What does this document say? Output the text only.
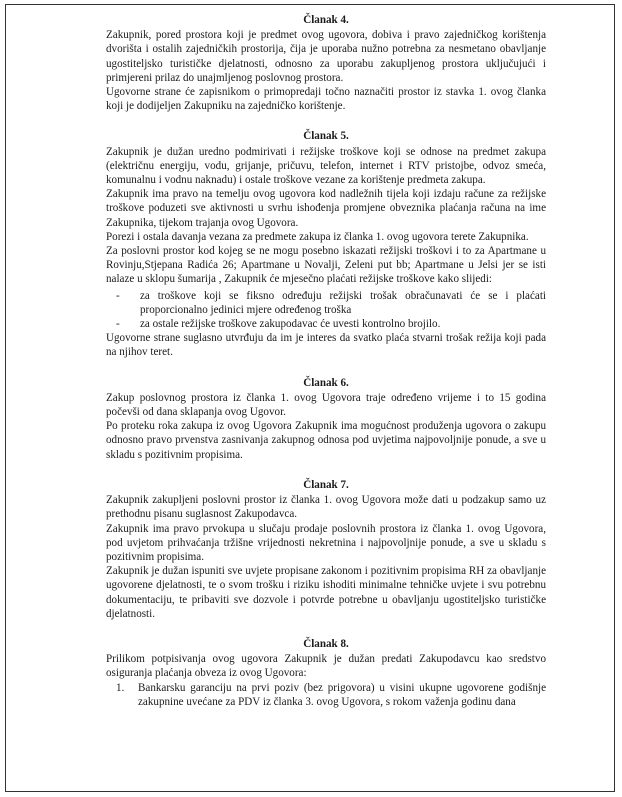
Članak 4.

Zakupnik, pored prostora koji je predmet ovog ugovora, dobiva i pravo zajedničkog korištenja dvorišta i ostalih zajedničkih prostorija, čija je uporaba nužno potrebna za nesmetano obavljanje ugostiteljsko turističke djelatnosti, odnosno za uporabu zakupljenog prostora uključujući i primjereni prilaz do unajmljenog poslovnog prostora.

Ugovorne strane će zapisnikom o primopredaji točno naznačiti prostor iz stavka 1. ovog članka koji je dodijeljen Zakupniku na zajedničko korištenje.

Članak 5.

Zakupnik je dužan uredno podmirivati i režijske troškove koji se odnose na predmet zakupa (električnu energiju, vodu, grijanje, pričuvu, telefon, internet i RTV pristojbe, odvoz smeća, komunalnu i vodnu naknadu) i ostale troškove vezane za korištenje predmeta zakupa.

Zakupnik ima pravo na temelju ovog ugovora kod nadležnih tijela koji izdaju račune za režijske troškove poduzeti sve aktivnosti u svrhu ishođenja promjene obveznika plaćanja računa na ime Zakupnika, tijekom trajanja ovog Ugovora.

Porezi i ostala davanja vezana za predmete zakupa iz članka 1. ovog ugovora terete Zakupnika.

Za poslovni prostor kod kojeg se ne mogu posebno iskazati režijski troškovi i to za Apartmane u Rovinju,Stjepana Radića 26; Apartmane u Novalji, Zeleni put bb; Apartmane u Jelsi jer se isti nalaze u sklopu šumarija , Zakupnik će mjesečno plaćati režijske troškove kako slijedi:

- za troškove koji se fiksno određuju režijski trošak obračunavati će se i plaćati proporcionalno jedinici mjere određenog troška
- za ostale režijske troškove zakupodavac će uvesti kontrolno brojilo.

Ugovorne strane suglasno utvrđuju da im je interes da svatko plaća stvarni trošak režija koji pada na njihov teret.

Članak 6.

Zakup poslovnog prostora iz članka 1. ovog Ugovora traje određeno vrijeme i to 15 godina počevši od dana sklapanja ovog Ugovor.

Po proteku roka zakupa iz ovog Ugovora Zakupnik ima mogućnost produženja ugovora o zakupu odnosno pravo prvenstva zasnivanja zakupnog odnosa pod uvjetima najpovoljnije ponude, a sve u skladu s pozitivnim propisima.

Članak 7.

Zakupnik zakupljeni poslovni prostor iz članka 1. ovog Ugovora može dati u podzakup samo uz prethodnu pisanu suglasnost Zakupodavca.

Zakupnik ima pravo prvokupa u slučaju prodaje poslovnih prostora iz članka 1. ovog Ugovora, pod uvjetom prihvaćanja tržišne vrijednosti nekretnina i najpovoljnije ponude, a sve u skladu s pozitivnim propisima.

Zakupnik je dužan ispuniti sve uvjete propisane zakonom i pozitivnim propisima RH za obavljanje ugovorene djelatnosti, te o svom trošku i riziku ishoditi minimalne tehničke uvjete i svu potrebnu dokumentaciju, te pribaviti sve dozvole i potvrde potrebne u obavljanju ugostiteljsko turističke djelatnosti.

Članak 8.

Prilikom potpisivanja ovog ugovora Zakupnik je dužan predati Zakupodavcu kao sredstvo osiguranja plaćanja obveza iz ovog Ugovora:

1. Bankarsku garanciju na prvi poziv (bez prigovora) u visini ukupne ugovorene godišnje zakupnine uvećane za PDV iz članka 3. ovog Ugovora, s rokom važenja godinu dana
